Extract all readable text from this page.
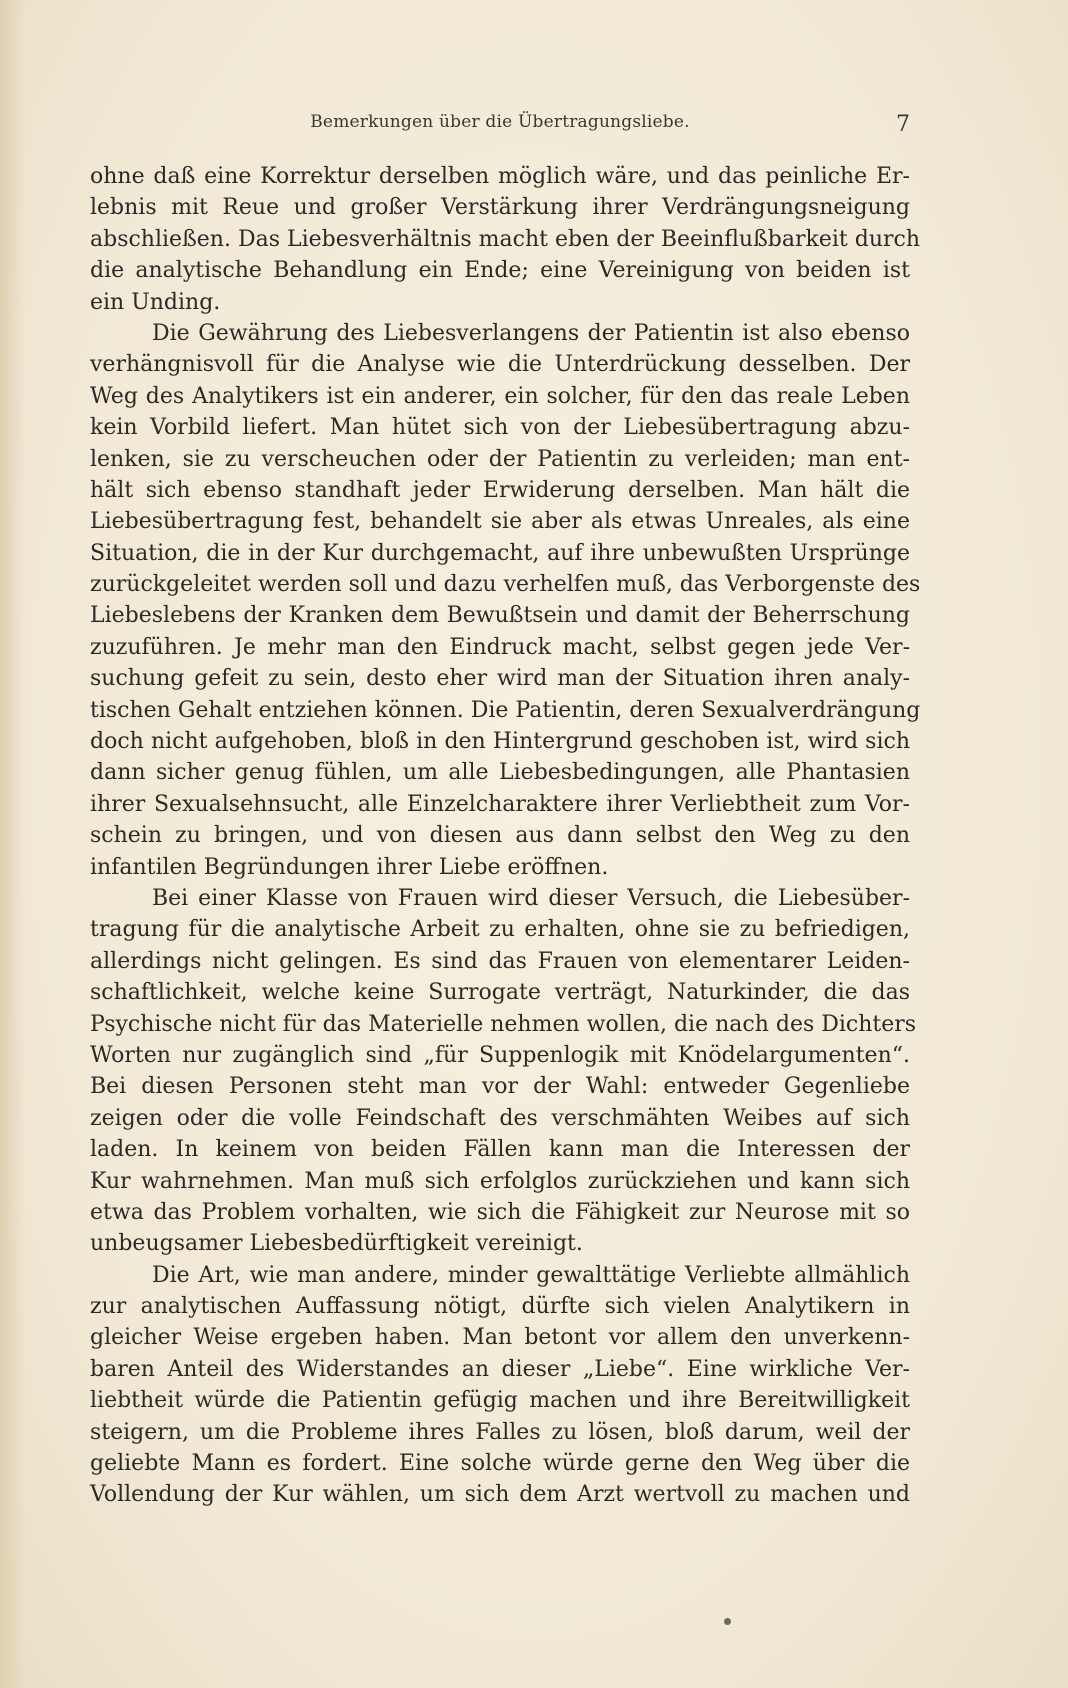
Bemerkungen über die Übertragungsliebe.	7
ohne daß eine Korrektur derselben möglich wäre, und das peinliche Er-
lebnis mit Reue und großer Verstärkung ihrer Verdrängungsneigung
abschließen. Das Liebesverhältnis macht eben der Beeinflußbarkeit durch
die analytische Behandlung ein Ende; eine Vereinigung von beiden ist
ein Unding.
Die Gewährung des Liebesverlangens der Patientin ist also ebenso
verhängnisvoll für die Analyse wie die Unterdrückung desselben. Der
Weg des Analytikers ist ein anderer, ein solcher, für den das reale Leben
kein Vorbild liefert. Man hütet sich von der Liebesübertragung abzu-
lenken, sie zu verscheuchen oder der Patientin zu verleiden; man ent-
hält sich ebenso standhaft jeder Erwiderung derselben. Man hält die
Liebesübertragung fest, behandelt sie aber als etwas Unreales, als eine
Situation, die in der Kur durchgemacht, auf ihre unbewußten Ursprünge
zurückgeleitet werden soll und dazu verhelfen muß, das Verborgenste des
Liebeslebens der Kranken dem Bewußtsein und damit der Beherrschung
zuzuführen. Je mehr man den Eindruck macht, selbst gegen jede Ver-
suchung gefeit zu sein, desto eher wird man der Situation ihren analy-
tischen Gehalt entziehen können. Die Patientin, deren Sexualverdrängung
doch nicht aufgehoben, bloß in den Hintergrund geschoben ist, wird sich
dann sicher genug fühlen, um alle Liebesbedingungen, alle Phantasien
ihrer Sexualsehnsucht, alle Einzelcharaktere ihrer Verliebtheit zum Vor-
schein zu bringen, und von diesen aus dann selbst den Weg zu den
infantilen Begründungen ihrer Liebe eröffnen.
Bei einer Klasse von Frauen wird dieser Versuch, die Liebesüber-
tragung für die analytische Arbeit zu erhalten, ohne sie zu befriedigen,
allerdings nicht gelingen. Es sind das Frauen von elementarer Leiden-
schaftlichkeit, welche keine Surrogate verträgt, Naturkinder, die das
Psychische nicht für das Materielle nehmen wollen, die nach des Dichters
Worten nur zugänglich sind „für Suppenlogik mit Knödelargumenten“.
Bei diesen Personen steht man vor der Wahl: entweder Gegenliebe
zeigen oder die volle Feindschaft des verschmähten Weibes auf sich
laden. In keinem von beiden Fällen kann man die Interessen der
Kur wahrnehmen. Man muß sich erfolglos zurückziehen und kann sich
etwa das Problem vorhalten, wie sich die Fähigkeit zur Neurose mit so
unbeugsamer Liebesbedürftigkeit vereinigt.
Die Art, wie man andere, minder gewalttätige Verliebte allmählich
zur analytischen Auffassung nötigt, dürfte sich vielen Analytikern in
gleicher Weise ergeben haben. Man betont vor allem den unverkenn-
baren Anteil des Widerstandes an dieser „Liebe“. Eine wirkliche Ver-
liebtheit würde die Patientin gefügig machen und ihre Bereitwilligkeit
steigern, um die Probleme ihres Falles zu lösen, bloß darum, weil der
geliebte Mann es fordert. Eine solche würde gerne den Weg über die
Vollendung der Kur wählen, um sich dem Arzt wertvoll zu machen und
